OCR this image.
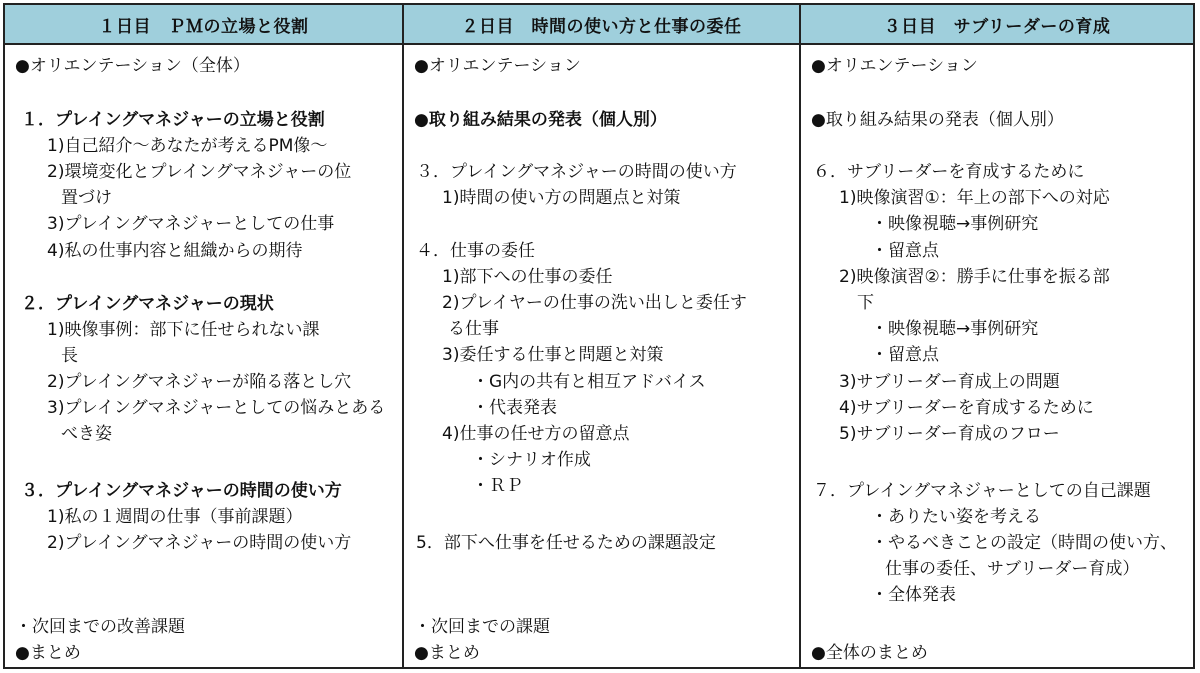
１日目　ＰＭの立場と役割	２日目　時間の使い方と仕事の委任	３日目　サブリーダーの育成
●オリエンテーション（全体）
１．プレイングマネジャーの立場と役割
1)自己紹介～あなたが考えるPM像～
2)環境変化とプレイングマネジャーの位
置づけ
3)プレイングマネジャーとしての仕事
4)私の仕事内容と組織からの期待
２．プレイングマネジャーの現状
1)映像事例：部下に任せられない課
長
2)プレイングマネジャーが陥る落とし穴
3)プレイングマネジャーとしての悩みとある
べき姿
３．プレイングマネジャーの時間の使い方
1)私の１週間の仕事（事前課題）
2)プレイングマネジャーの時間の使い方
・次回までの改善課題
●まとめ
●オリエンテーション
●取り組み結果の発表（個人別）
３．プレイングマネジャーの時間の使い方
1)時間の使い方の問題点と対策
４．仕事の委任
1)部下への仕事の委任
2)プレイヤーの仕事の洗い出しと委任す
る仕事
3)委任する仕事と問題と対策
・G内の共有と相互アドバイス
・代表発表
4)仕事の任せ方の留意点
・シナリオ作成
・ＲＰ
5．部下へ仕事を任せるための課題設定
・次回までの課題
●まとめ
●オリエンテーション
●取り組み結果の発表（個人別）
６．サブリーダーを育成するために
1)映像演習①：年上の部下への対応
・映像視聴→事例研究
・留意点
2)映像演習②：勝手に仕事を振る部
下
・映像視聴→事例研究
・留意点
3)サブリーダー育成上の問題
4)サブリーダーを育成するために
5)サブリーダー育成のフロー
７．プレイングマネジャーとしての自己課題
・ありたい姿を考える
・やるべきことの設定（時間の使い方、
仕事の委任、サブリーダー育成）
・全体発表
●全体のまとめ
